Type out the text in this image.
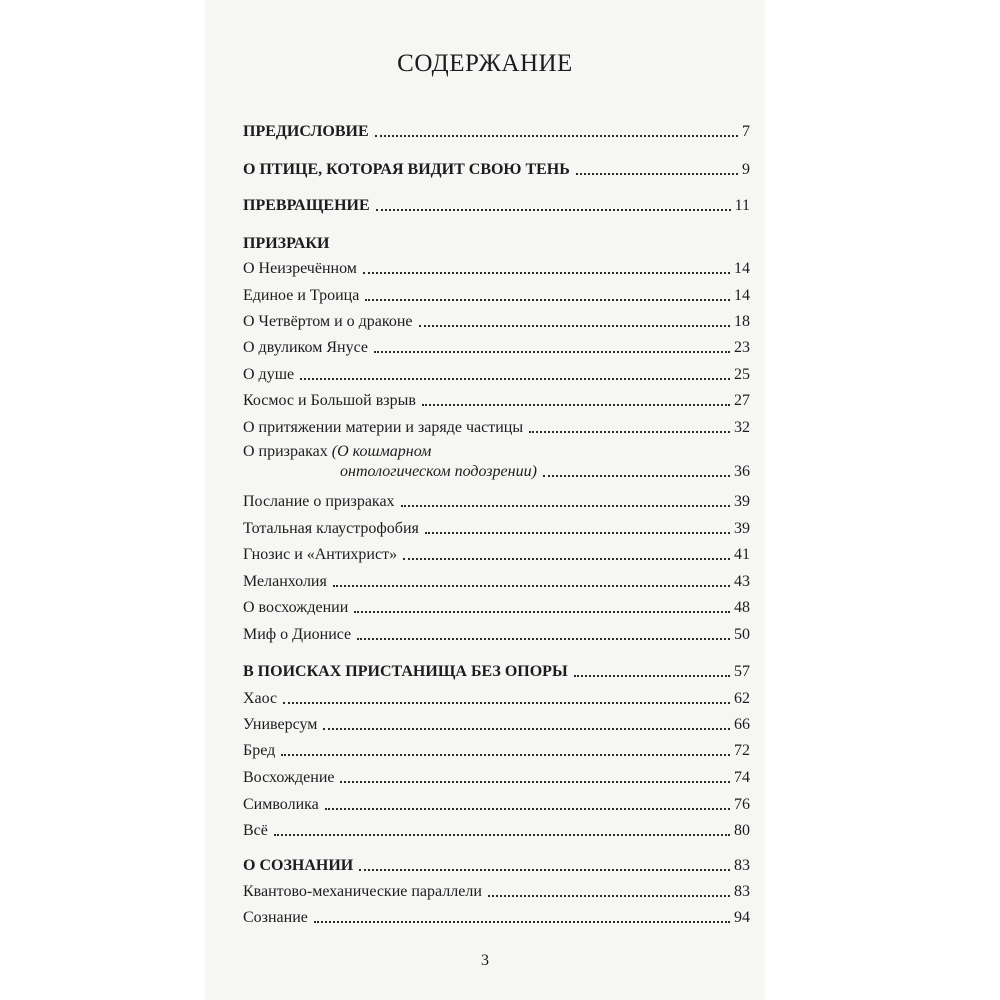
СОДЕРЖАНИЕ
ПРЕДИСЛОВИЕ	7
О ПТИЦЕ, КОТОРАЯ ВИДИТ СВОЮ ТЕНЬ	9
ПРЕВРАЩЕНИЕ	11
ПРИЗРАКИ
О Неизречённом	14
Единое и Троица	14
О Четвёртом и о драконе	18
О двуликом Янусе	23
О душе	25
Космос и Большой взрыв	27
О притяжении материи и заряде частицы	32
О призраках (О кошмарном
онтологическом подозрении)	36
Послание о призраках	39
Тотальная клаустрофобия	39
Гнозис и «Антихрист»	41
Меланхолия	43
О восхождении	48
Миф о Дионисе	50
В ПОИСКАХ ПРИСТАНИЩА БЕЗ ОПОРЫ	57
Хаос	62
Универсум	66
Бред	72
Восхождение	74
Символика	76
Всё	80
О СОЗНАНИИ	83
Квантово-механические параллели	83
Сознание	94
3
